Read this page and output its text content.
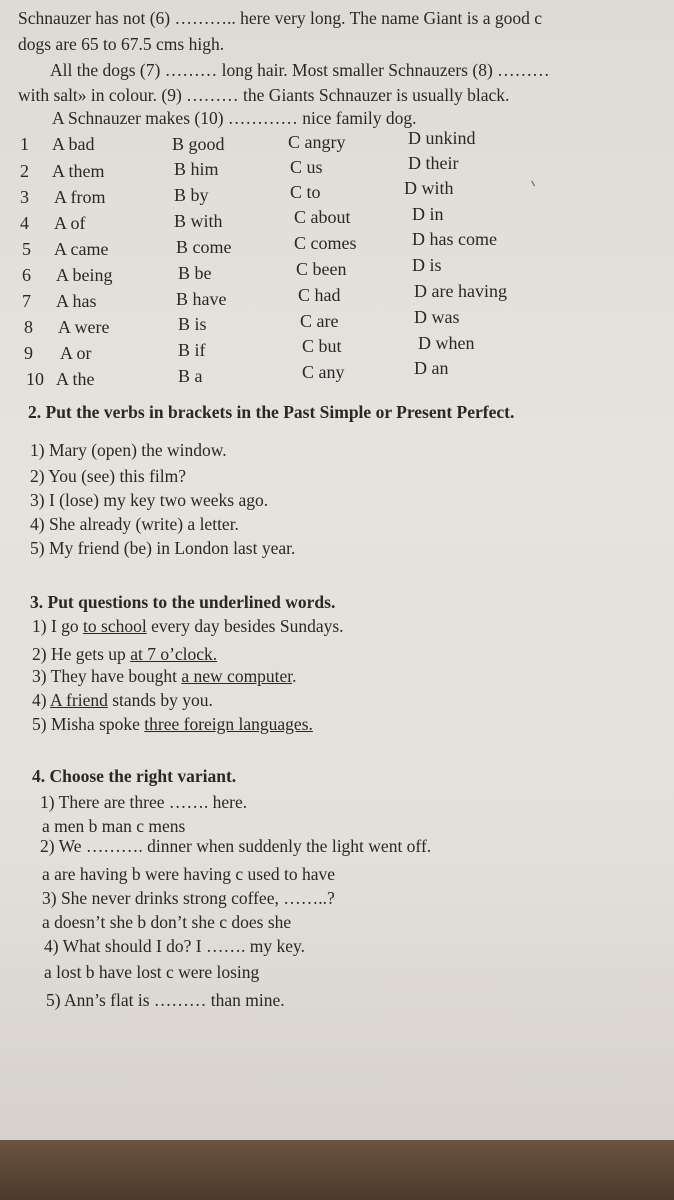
Schnauzer has not (6) ……….. here very long. The name Giant is a good c
dogs are 65 to 67.5 cms high.
All the dogs (7) ……… long hair. Most smaller Schnauzers (8) ………
with salt» in colour. (9) ……… the Giants Schnauzer is usually black.
A Schnauzer makes (10) ………… nice family dog.
1 A bad	B good	C angry	D unkind
2 A them	B him	C us	D their
3 A from	B by	C to	D with
4 A of	B with	C about	D in
5 A came	B come	C comes	D has come
6 A being	B be	C been	D is
7 A has	B have	C had	D are having
8 A were	B is	C are	D was
9 A or	B if	C but	D when
10 A the	B a	C any	D an
2. Put the verbs in brackets in the Past Simple or Present Perfect.
1) Mary (open) the window.
2) You (see) this film?
3) I (lose) my key two weeks ago.
4) She already (write) a letter.
5) My friend (be) in London last year.
3. Put questions to the underlined words.
1) I go to school every day besides Sundays.
2) He gets up at 7 o’clock.
3) They have bought a new computer.
4) A friend stands by you.
5) Misha spoke three foreign languages.
4. Choose the right variant.
1) There are three ……. here.
a men b man c mens
2) We ………. dinner when suddenly the light went off.
a are having b were having c used to have
3) She never drinks strong coffee, ……..?
a doesn’t she b don’t she c does she
4) What should I do? I ……. my key.
a lost b have lost c were losing
5) Ann’s flat is ……… than mine.
